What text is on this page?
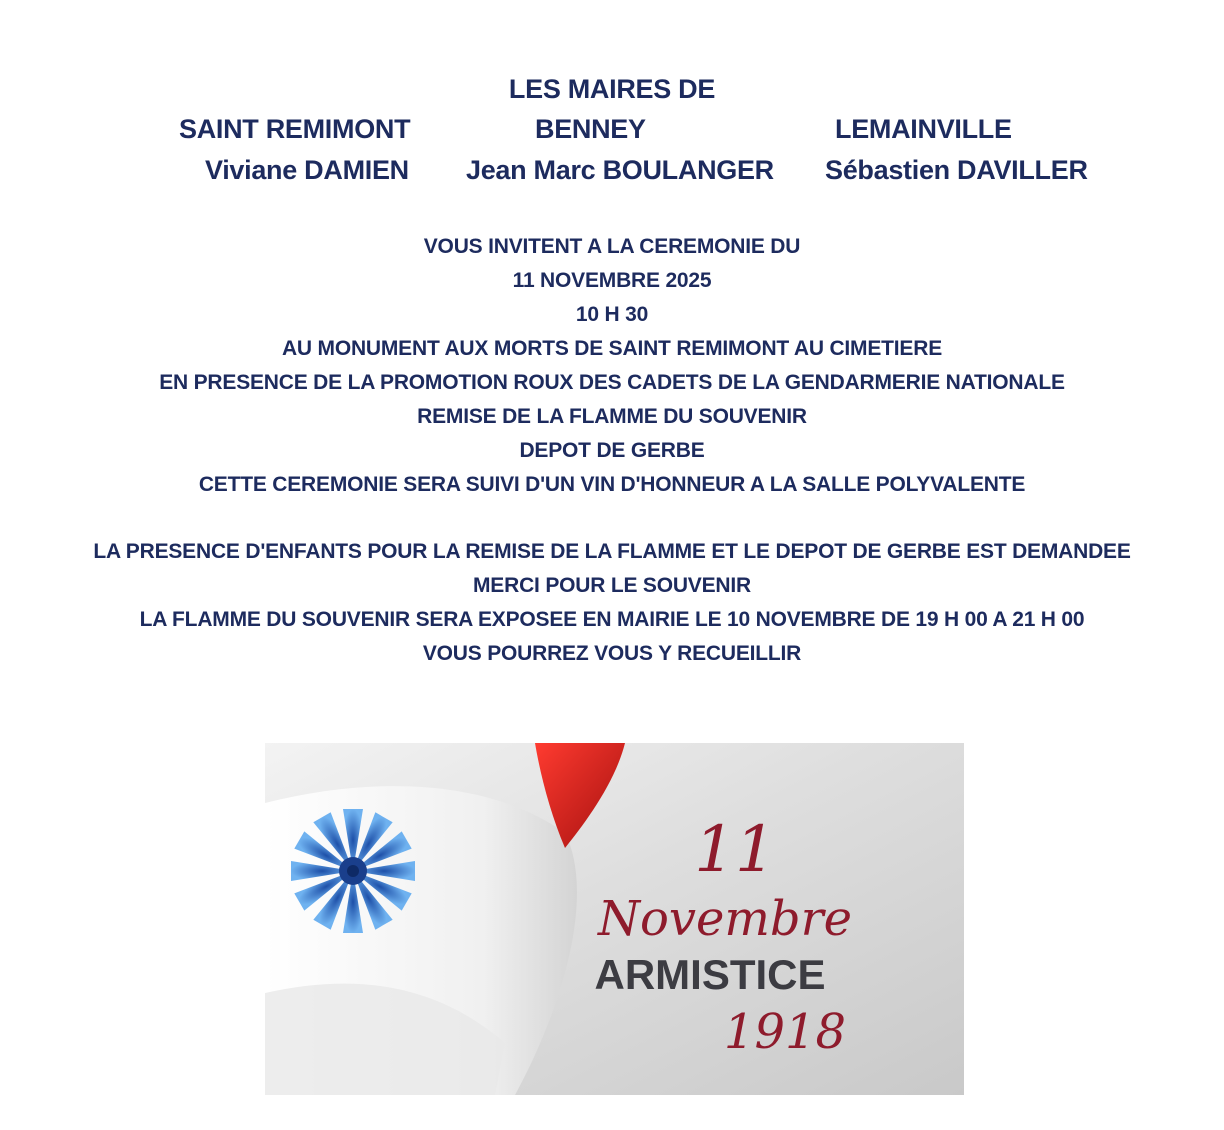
LES MAIRES DE
SAINT REMIMONT	BENNEY	LEMAINVILLE
Viviane DAMIEN Jean Marc BOULANGER Sébastien DAVILLER
VOUS INVITENT A LA CEREMONIE DU
11 NOVEMBRE 2025
10 H 30
AU MONUMENT AUX MORTS DE SAINT REMIMONT AU CIMETIERE
EN PRESENCE DE LA PROMOTION ROUX DES CADETS DE LA GENDARMERIE NATIONALE
REMISE DE LA FLAMME DU SOUVENIR
DEPOT DE GERBE
CETTE CEREMONIE SERA SUIVI D'UN VIN D'HONNEUR A LA SALLE POLYVALENTE
LA PRESENCE D'ENFANTS POUR LA REMISE DE LA FLAMME ET LE DEPOT DE GERBE EST DEMANDEE
MERCI POUR LE SOUVENIR
LA FLAMME DU SOUVENIR SERA EXPOSEE EN MAIRIE LE 10 NOVEMBRE DE 19 H 00 A 21 H 00
VOUS POURREZ VOUS Y RECUEILLIR
11
Novembre
ARMISTICE
1918
